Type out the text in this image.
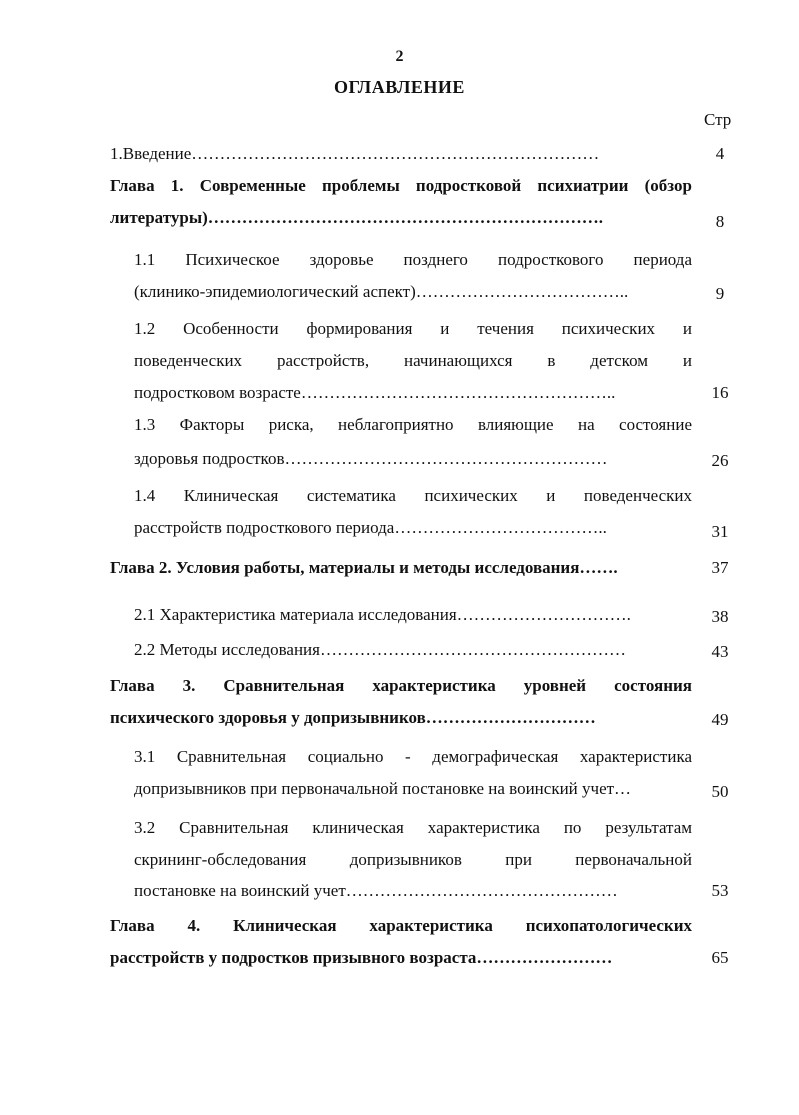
2
ОГЛАВЛЕНИЕ
Стр
1.Введение………………………………………………………………	4
Глава 1. Современные проблемы подростковой психиатрии (обзор
литературы)…………………………………………………………….	8
1.1 Психическое здоровье позднего подросткового периода
(клинико-эпидемиологический аспект)………………………………..	9
1.2 Особенности формирования и течения психических и
поведенческих расстройств, начинающихся в детском и
подростковом возрасте………………………………………………..	16
1.3 Факторы риска, неблагоприятно влияющие на состояние
здоровья подростков…………………………………………………	26
1.4 Клиническая систематика психических и поведенческих
расстройств подросткового периода………………………………..	31
Глава 2. Условия работы, материалы и методы исследования…….	37
2.1 Характеристика материала исследования………………………….	38
2.2 Методы исследования………………………………………………	43
Глава 3. Сравнительная характеристика уровней состояния
психического здоровья у допризывников…………………………	49
3.1 Сравнительная социально - демографическая характеристика
допризывников при первоначальной постановке на воинский учет…	50
3.2 Сравнительная клиническая характеристика по результатам
скрининг-обследования допризывников при первоначальной
постановке на воинский учет…………………………………………	53
Глава 4. Клиническая характеристика психопатологических
расстройств у подростков призывного возраста……………………	65
